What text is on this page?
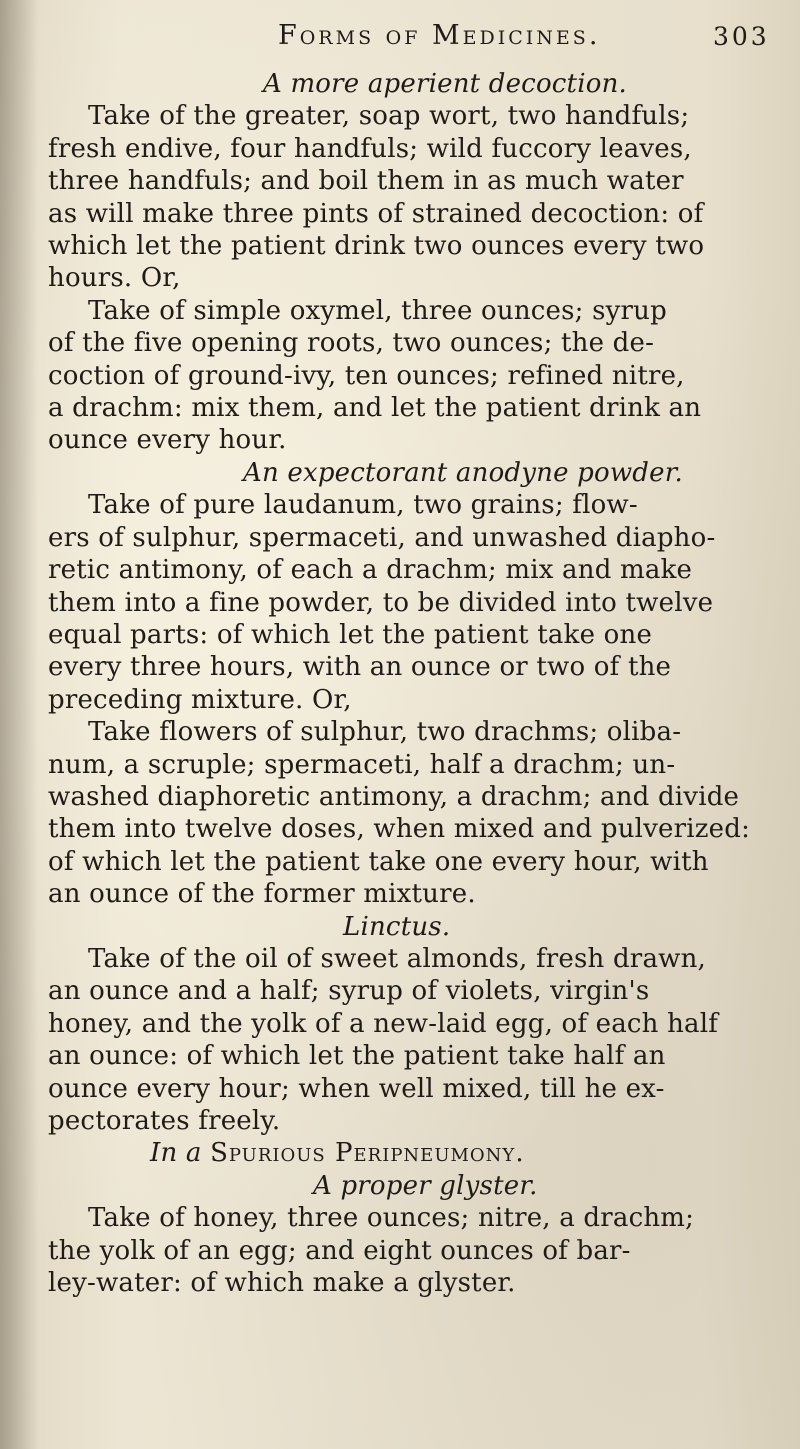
Forms of Medicines.	303
A more aperient decoction.
Take of the greater, soap wort, two handfuls;
fresh endive, four handfuls; wild fuccory leaves,
three handfuls; and boil them in as much water
as will make three pints of strained decoction: of
which let the patient drink two ounces every two
hours. Or,
Take of simple oxymel, three ounces; syrup
of the five opening roots, two ounces; the de-
coction of ground-ivy, ten ounces; refined nitre,
a drachm: mix them, and let the patient drink an
ounce every hour.
An expectorant anodyne powder.
Take of pure laudanum, two grains; flow-
ers of sulphur, spermaceti, and unwashed diapho-
retic antimony, of each a drachm; mix and make
them into a fine powder, to be divided into twelve
equal parts: of which let the patient take one
every three hours, with an ounce or two of the
preceding mixture. Or,
Take flowers of sulphur, two drachms; oliba-
num, a scruple; spermaceti, half a drachm; un-
washed diaphoretic antimony, a drachm; and divide
them into twelve doses, when mixed and pulverized:
of which let the patient take one every hour, with
an ounce of the former mixture.
Linctus.
Take of the oil of sweet almonds, fresh drawn,
an ounce and a half; syrup of violets, virgin's
honey, and the yolk of a new-laid egg, of each half
an ounce: of which let the patient take half an
ounce every hour; when well mixed, till he ex-
pectorates freely.
In a Spurious Peripneumony.
A proper glyster.
Take of honey, three ounces; nitre, a drachm;
the yolk of an egg; and eight ounces of bar-
ley-water: of which make a glyster.
